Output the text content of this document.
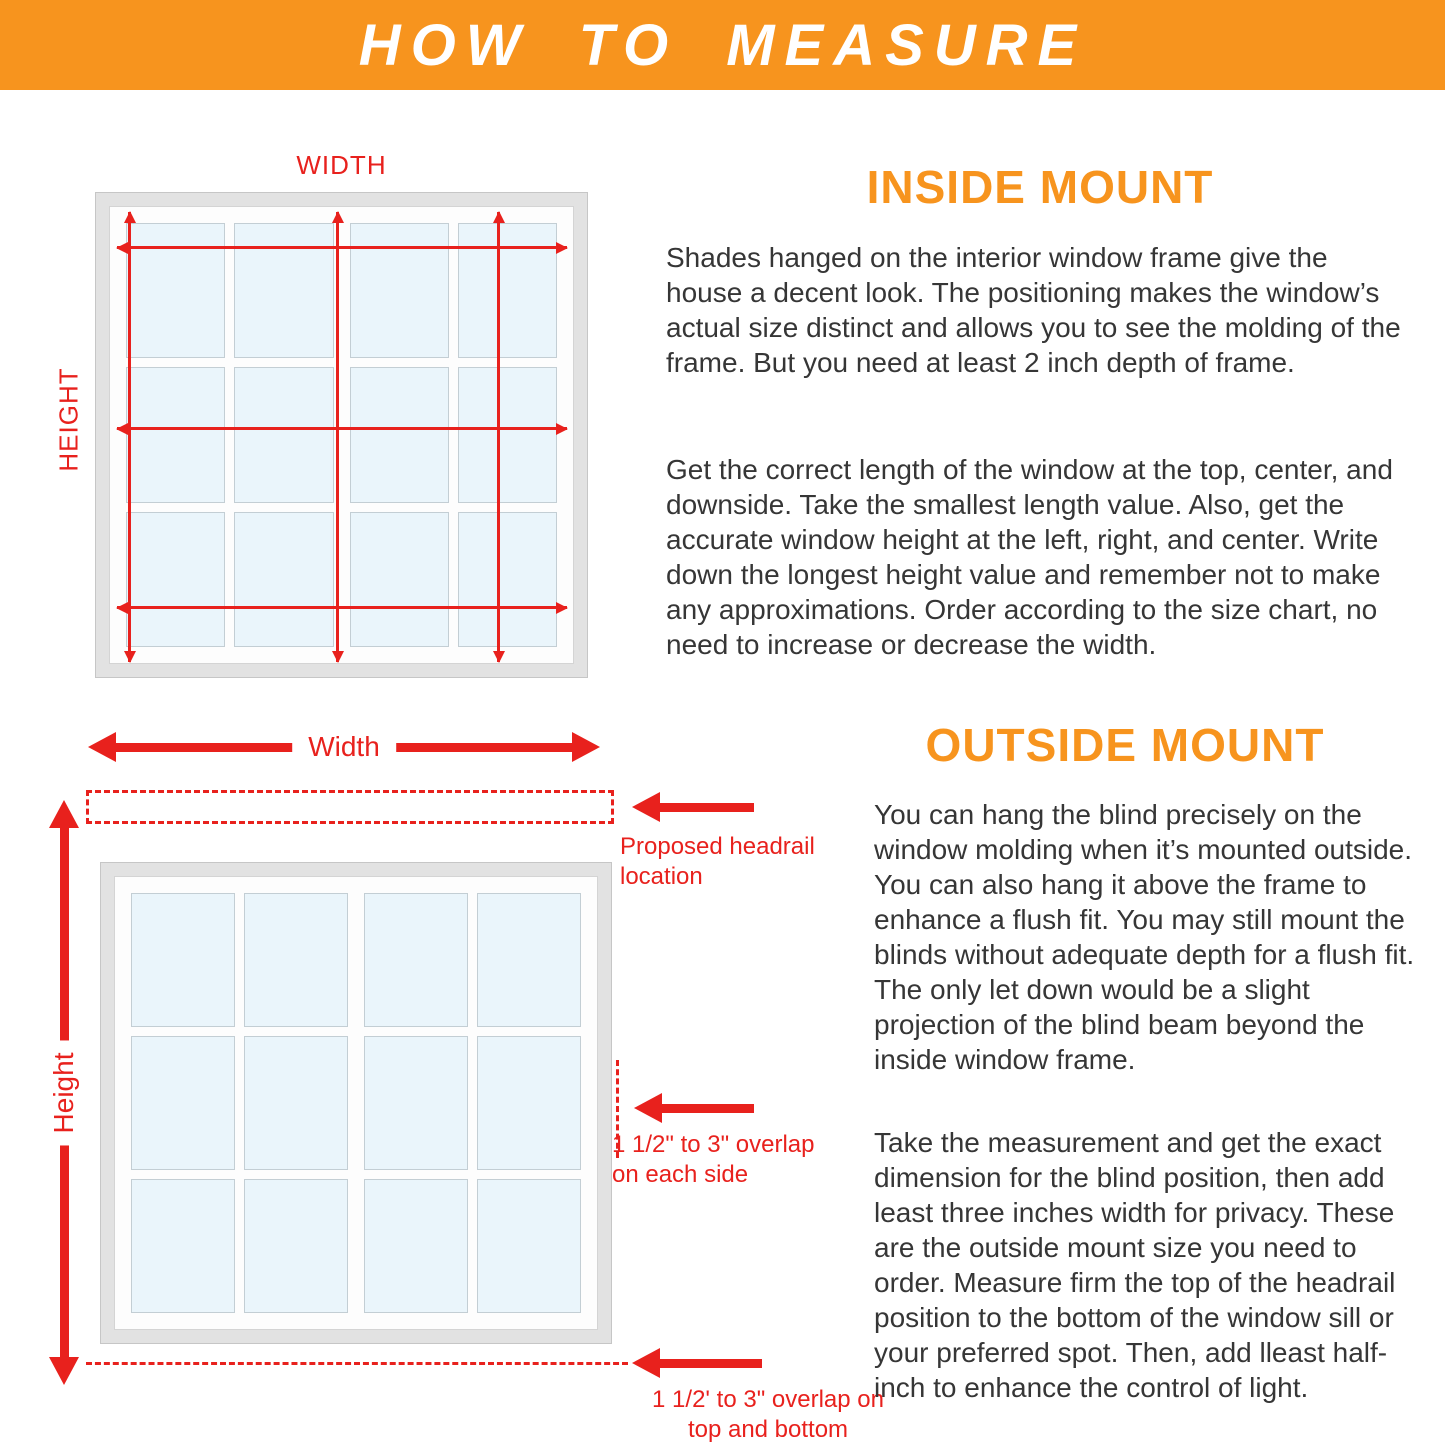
HOW TO MEASURE
WIDTH
HEIGHT
INSIDE MOUNT

Shades hanged on the interior window frame give the house a decent look. The positioning makes the window’s actual size distinct and allows you to see the molding of the frame. But you need at least 2 inch depth of frame.

Get the correct length of the window at the top, center, and downside. Take the smallest length value. Also, get the accurate window height at the left, right, and center. Write down the longest height value and remember not to make any approximations. Order according to the size chart, no need to increase or decrease the width.

Width
Proposed headrail location
Height
1 1/2" to 3" overlap on each side
1 1/2' to 3" overlap on top and bottom
OUTSIDE MOUNT

You can hang the blind precisely on the window molding when it’s mounted outside. You can also hang it above the frame to enhance a flush fit. You may still mount the blinds without adequate depth for a flush fit. The only let down would be a slight projection of the blind beam beyond the inside window frame.

Take the measurement and get the exact dimension for the blind position, then add least three inches width for privacy. These are the outside mount size you need to order. Measure firm the top of the headrail position to the bottom of the window sill or your preferred spot. Then, add lleast half-inch to enhance the control of light.
